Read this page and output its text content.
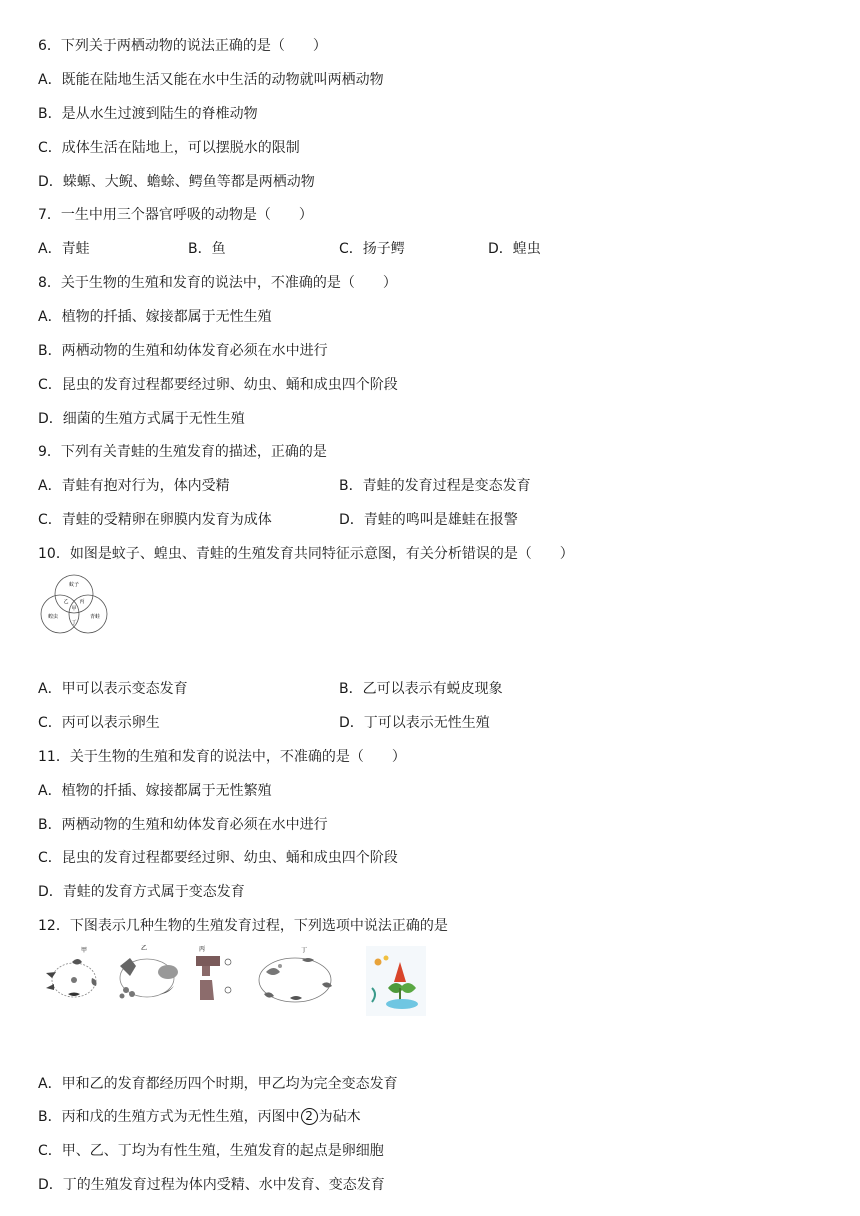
6．下列关于两栖动物的说法正确的是（　　）
A．既能在陆地生活又能在水中生活的动物就叫两栖动物
B．是从水生过渡到陆生的脊椎动物
C．成体生活在陆地上，可以摆脱水的限制
D．蝾螈、大鲵、蟾蜍、鳄鱼等都是两栖动物
7．一生中用三个器官呼吸的动物是（　　）
A．青蛙	B．鱼	C．扬子鳄	D．蝗虫
8．关于生物的生殖和发育的说法中，不准确的是（　　）
A．植物的扦插、嫁接都属于无性生殖
B．两栖动物的生殖和幼体发育必须在水中进行
C．昆虫的发育过程都要经过卵、幼虫、蛹和成虫四个阶段
D．细菌的生殖方式属于无性生殖
9．下列有关青蛙的生殖发育的描述，正确的是
A．青蛙有抱对行为，体内受精	B．青蛙的发育过程是变态发育
C．青蛙的受精卵在卵膜内发育为成体	D．青蛙的鸣叫是雄蛙在报警
10．如图是蚊子、蝗虫、青蛙的生殖发育共同特征示意图，有关分析错误的是（　　）
蚊子
蝗虫	青蛙
乙 丙
甲
丁
A．甲可以表示变态发育	B．乙可以表示有蜕皮现象
C．丙可以表示卵生	D．丁可以表示无性生殖
11．关于生物的生殖和发育的说法中，不准确的是（　　）
A．植物的扦插、嫁接都属于无性繁殖
B．两栖动物的生殖和幼体发育必须在水中进行
C．昆虫的发育过程都要经过卵、幼虫、蛹和成虫四个阶段
D．青蛙的发育方式属于变态发育
12．下图表示几种生物的生殖发育过程，下列选项中说法正确的是
甲	乙	丙	丁
A．甲和乙的发育都经历四个时期，甲乙均为完全变态发育
B．丙和戊的生殖方式为无性生殖，丙图中 2 为砧木
C．甲、乙、丁均为有性生殖，生殖发育的起点是卵细胞
D．丁的生殖发育过程为体内受精、水中发育、变态发育
